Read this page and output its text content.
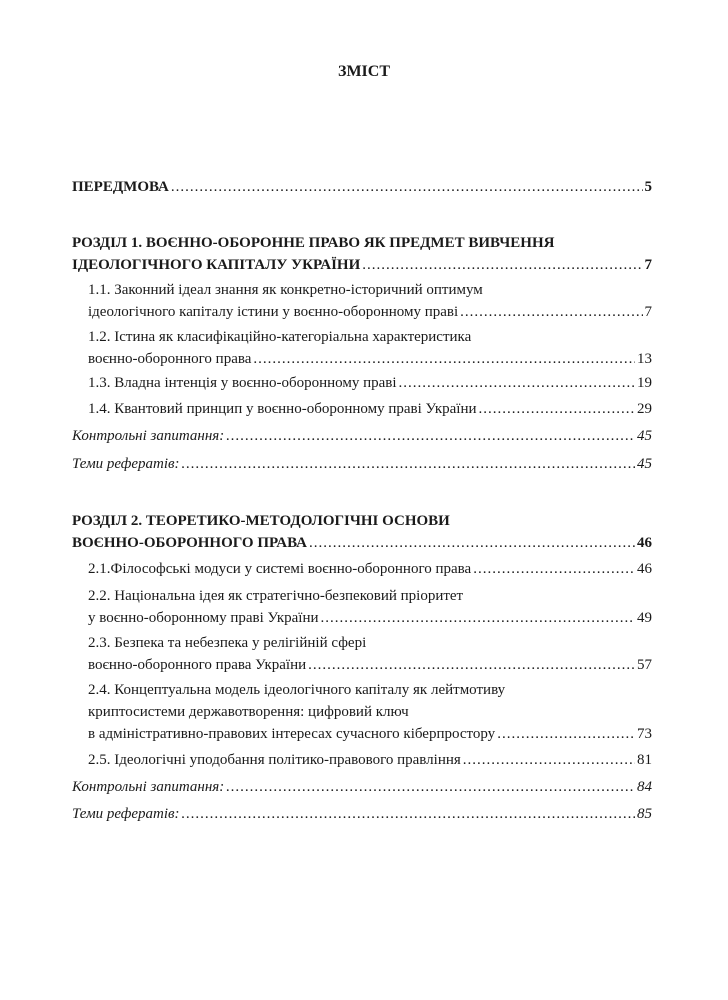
ЗМІСТ
ПЕРЕДМОВА .....	5
РОЗДІЛ 1. ВОЄННО-ОБОРОННЕ ПРАВО ЯК ПРЕДМЕТ ВИВЧЕННЯ
ІДЕОЛОГІЧНОГО КАПІТАЛУ УКРАЇНИ .....	7
1.1. Законний ідеал знання як конкретно-історичний оптимум
ідеологічного капіталу істини у воєнно-оборонному праві .....	7
1.2. Істина як класифікаційно-категоріальна характеристика
воєнно-оборонного права .....	13
1.3. Владна інтенція у воєнно-оборонному праві .....	19
1.4. Квантовий принцип у воєнно-оборонному праві України .....	29
Контрольні запитання: .....	45
Теми рефератів: .....	45
РОЗДІЛ 2. ТЕОРЕТИКО-МЕТОДОЛОГІЧНІ ОСНОВИ
ВОЄННО-ОБОРОННОГО ПРАВА .....	46
2.1.Філософські модуси у системі воєнно-оборонного права .....	46
2.2. Національна ідея як стратегічно-безпековий пріоритет
у воєнно-оборонному праві України .....	49
2.3. Безпека та небезпека у релігійній сфері
воєнно-оборонного права України .....	57
2.4. Концептуальна модель ідеологічного капіталу як лейтмотиву
криптосистеми державотворення: цифровий ключ
в адміністративно-правових інтересах сучасного кіберпростору .....	73
2.5. Ідеологічні уподобання політико-правового правління .....	81
Контрольні запитання: .....	84
Теми рефератів: .....	85
